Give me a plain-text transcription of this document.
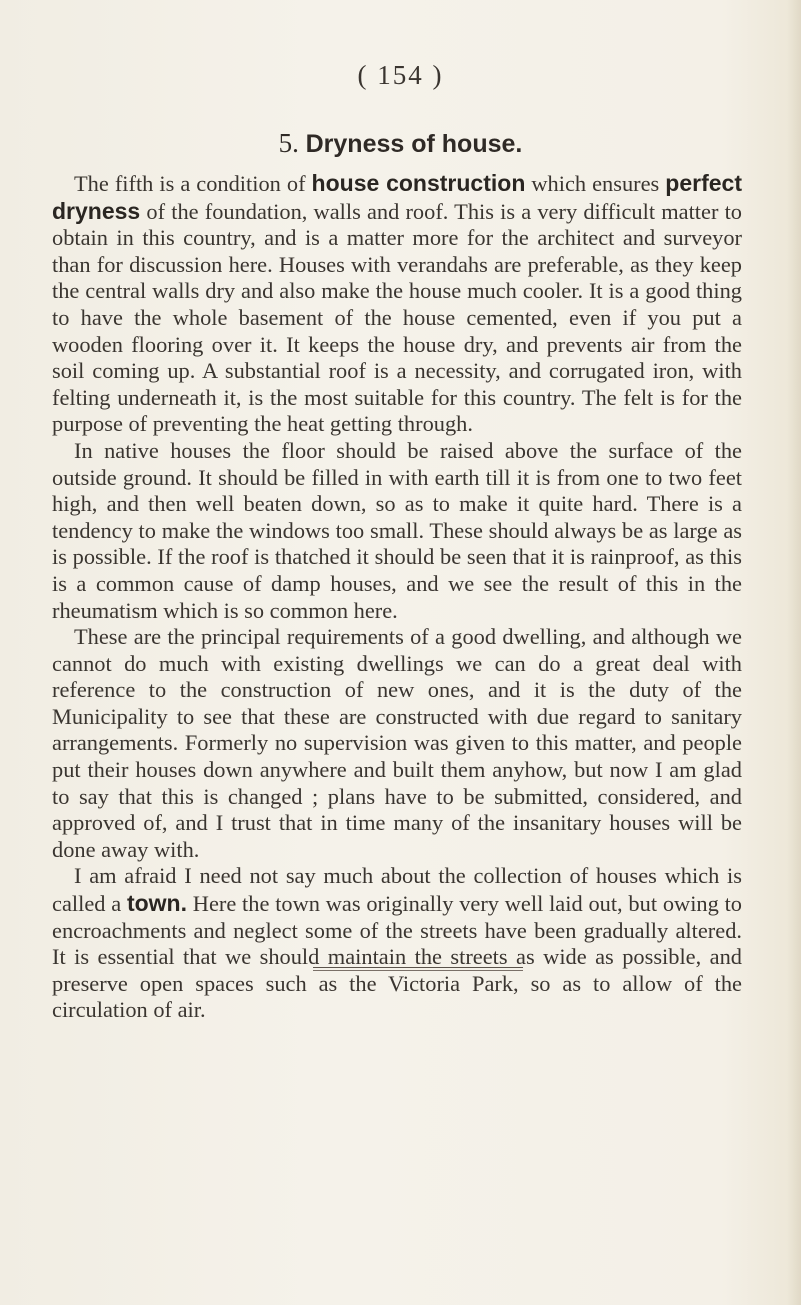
( 154 )
5. Dryness of house.

The fifth is a condition of house construction which ensures perfect dryness of the foundation, walls and roof. This is a very difficult matter to obtain in this country, and is a matter more for the architect and surveyor than for discussion here. Houses with verandahs are preferable, as they keep the central walls dry and also make the house much cooler. It is a good thing to have the whole basement of the house cemented, even if you put a wooden flooring over it. It keeps the house dry, and prevents air from the soil coming up. A substantial roof is a necessity, and corrugated iron, with felting underneath it, is the most suitable for this country. The felt is for the purpose of preventing the heat getting through.

In native houses the floor should be raised above the surface of the outside ground. It should be filled in with earth till it is from one to two feet high, and then well beaten down, so as to make it quite hard. There is a tendency to make the windows too small. These should always be as large as is possible. If the roof is thatched it should be seen that it is rainproof, as this is a common cause of damp houses, and we see the result of this in the rheumatism which is so common here.

These are the principal requirements of a good dwelling, and although we cannot do much with existing dwellings we can do a great deal with reference to the construction of new ones, and it is the duty of the Municipality to see that these are constructed with due regard to sanitary arrangements. Formerly no supervision was given to this matter, and people put their houses down anywhere and built them anyhow, but now I am glad to say that this is changed ; plans have to be submitted, considered, and approved of, and I trust that in time many of the insanitary houses will be done away with.

I am afraid I need not say much about the collection of houses which is called a town. Here the town was originally very well laid out, but owing to encroachments and neglect some of the streets have been gradually altered. It is essential that we should maintain the streets as wide as possible, and preserve open spaces such as the Victoria Park, so as to allow of the circulation of air.
